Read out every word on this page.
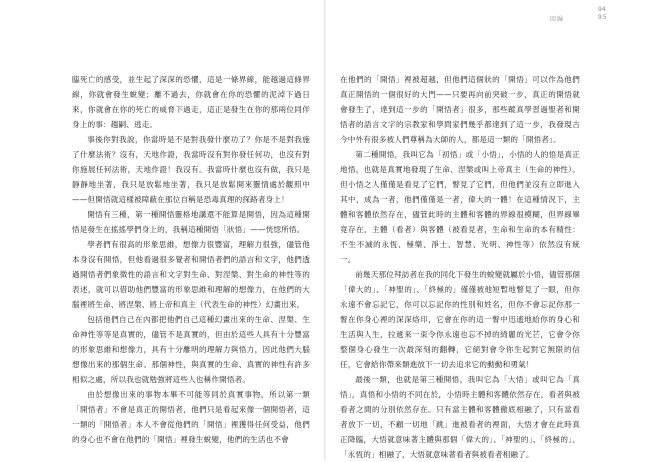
94
回歸	95

臨死亡的感受，並生起了深深的恐懼，這是一條界線，能越過這條界線，你就會發生蛻變；離不過去，你就會在你的恐懼的泥淖下過日來，你就會在你的死亡的威脅下過走，這正是發生在你的那兩位同伴身上的事：趨嗣、逃走。

事後你對我說，你當時是不是對我發什麼功了？你是不是對我施了什麼法術？沒有，天地作證，我當時沒有對你發任何功，也沒有對你施展任何法術，天地作證！我沒有。我當時什麼也沒有做，我只是靜靜地坐著，我只是放鬆地坐著，我只是放鬆開來靈情處於觀照中——但開悟就這樣被障蔽在那位自稱是恐毒真理的探路者身上！

開悟有三種，第一種開悟靈格地講還不能算是開悟，因為這種開悟是發生在搖搖學們身上的，我稱這種開悟「狀悟」——恍惚所悟。

學者們有很高的形象思維，想像力很豐富，理解力很強，儘管他本身沒有開悟，但他看過很多覺者和開悟者們的語言和文字，他們透過開悟者們象徵性的語言和文字對生命、對涅槃、對生命的神性等的表述，就可以借助他們豐富的形象思維和理解的想像力，在他們的大腦裡將生命、將涅槃、將上帝和真主（代表生命的神性）幻畫出來。

包括他們自己在內都把他們自己這種幻畫出來的生命、涅槃、生命神性等等是真實的，儘管不是真實的，但由於這些人具有十分豐富的形象思維和想像力，具有十分離明的理解力與悟力，因此他們大腦想像出來的那個生命、那個神性，與真實的生命、真實的神性有許多相似之處，所以我也就勉強將這些人也稱作開悟者。

由於想像出來的事物本畢不可能等同於真實事物，所以第一類「開悟者」不會是真正的開悟者，他們只是看起來像一個開悟者，這一類的「開悟者」本人不會從他們的「開悟」裡獲得任何受益，他們的身心也不會在他們的「開悟」裡發生蛻變，他們的生活也不會

在他們的「開悟」裡被超越，但他們這個狀的「開悟」可以作為他們真正開悟的一個很好的大門——只要再向前突破一步，真正的開悟就會發生了，達到這一步的「開悟者」很多，那些蹤真學習過聖者和開悟者的語言文字的宗教家和學問家們幾乎都達到了這一步，我發現古今中外有很多被人們尊稱為大師的人，都是這一類的「開悟者」。

第二種開悟，我叫它為「初悟」或「小悟」，小悟的人的悟是真正地悟，也就是真實地發現了生命、涅槃或叫上帝真主（生命的神性）。但小悟之人僅僅是看見了它們，瞥見了它們，但他們並沒有立即進入其中，成為一者，他們僅僅是一者，偉大的一體！在這種情況下，主體和客體依然存在，儘管此時的主體和客體的界線很模糊，但界線畢竟存在，主體（看者）與客體（被看見者，生命和生命的本有精性：不生不滅的永恆、極樂、淨土、智慧、光明、神性等）依然沒有統一。

前幾天那位拜訪者在我的同化下發生的蛻變就屬於小悟，儘管那個「偉大的」、「神聖的」、「終極的」僅僅被他短暫地瞥見了一眼，但你永遠不會忘記它，你可以忘記你的性別和姓名，但你不會忘記你那一瞥在你身心裡的深深烙印，它會在你的這一瞥中迅遙地給你的身心和生活與人生，拉遞來一束令你永遠也忘不掉的綺麗的光芒，它會令你整個身心發生一次最深刻的翻轉，它絕對會令你生起對它無限的信任，它會給你帶來類進放下一切去追求它的動動和勇氣！

最後一類，也就是第三種開悟，我叫它為「大悟」或叫它為「真悟」，真悟和小悟的不同在於，小悟時主體和客體依然存在，看者與被看者之間的分別依然存在。只有當主體和客體徹底相融了，只有當看者放下一切，不顧一切地「跳」進被看者的裡面，大悟才會在此時真正降臨，大悟就意味著主體與那個「偉大的」、「神聖的」、「終極的」、「永恆的」相融了，大悟就意味著看者與被看者相融了。
